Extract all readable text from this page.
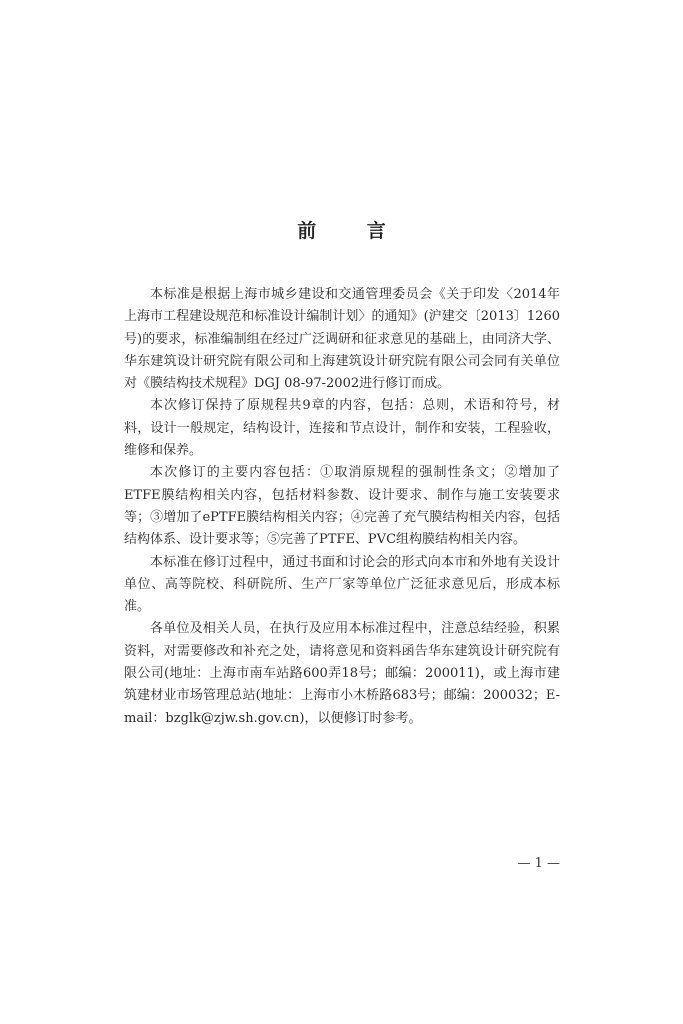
前 言

本标准是根据上海市城乡建设和交通管理委员会《关于印发〈2014年上海市工程建设规范和标准设计编制计划〉的通知》(沪建交〔2013〕1260号)的要求，标准编制组在经过广泛调研和征求意见的基础上，由同济大学、华东建筑设计研究院有限公司和上海建筑设计研究院有限公司会同有关单位对《膜结构技术规程》DGJ 08-97-2002进行修订而成。

本次修订保持了原规程共9章的内容，包括：总则，术语和符号，材料，设计一般规定，结构设计，连接和节点设计，制作和安装，工程验收，维修和保养。

本次修订的主要内容包括：①取消原规程的强制性条文；②增加了ETFE膜结构相关内容，包括材料参数、设计要求、制作与施工安装要求等；③增加了ePTFE膜结构相关内容；④完善了充气膜结构相关内容，包括结构体系、设计要求等；⑤完善了PTFE、PVC组构膜结构相关内容。

本标准在修订过程中，通过书面和讨论会的形式向本市和外地有关设计单位、高等院校、科研院所、生产厂家等单位广泛征求意见后，形成本标准。

各单位及相关人员，在执行及应用本标准过程中，注意总结经验，积累资料，对需要修改和补充之处，请将意见和资料函告华东建筑设计研究院有限公司(地址：上海市南车站路600弄18号；邮编：200011)，或上海市建筑建材业市场管理总站(地址：上海市小木桥路683号；邮编：200032；E-mail：bzglk@zjw.sh.gov.cn)，以便修订时参考。

— 1 —
